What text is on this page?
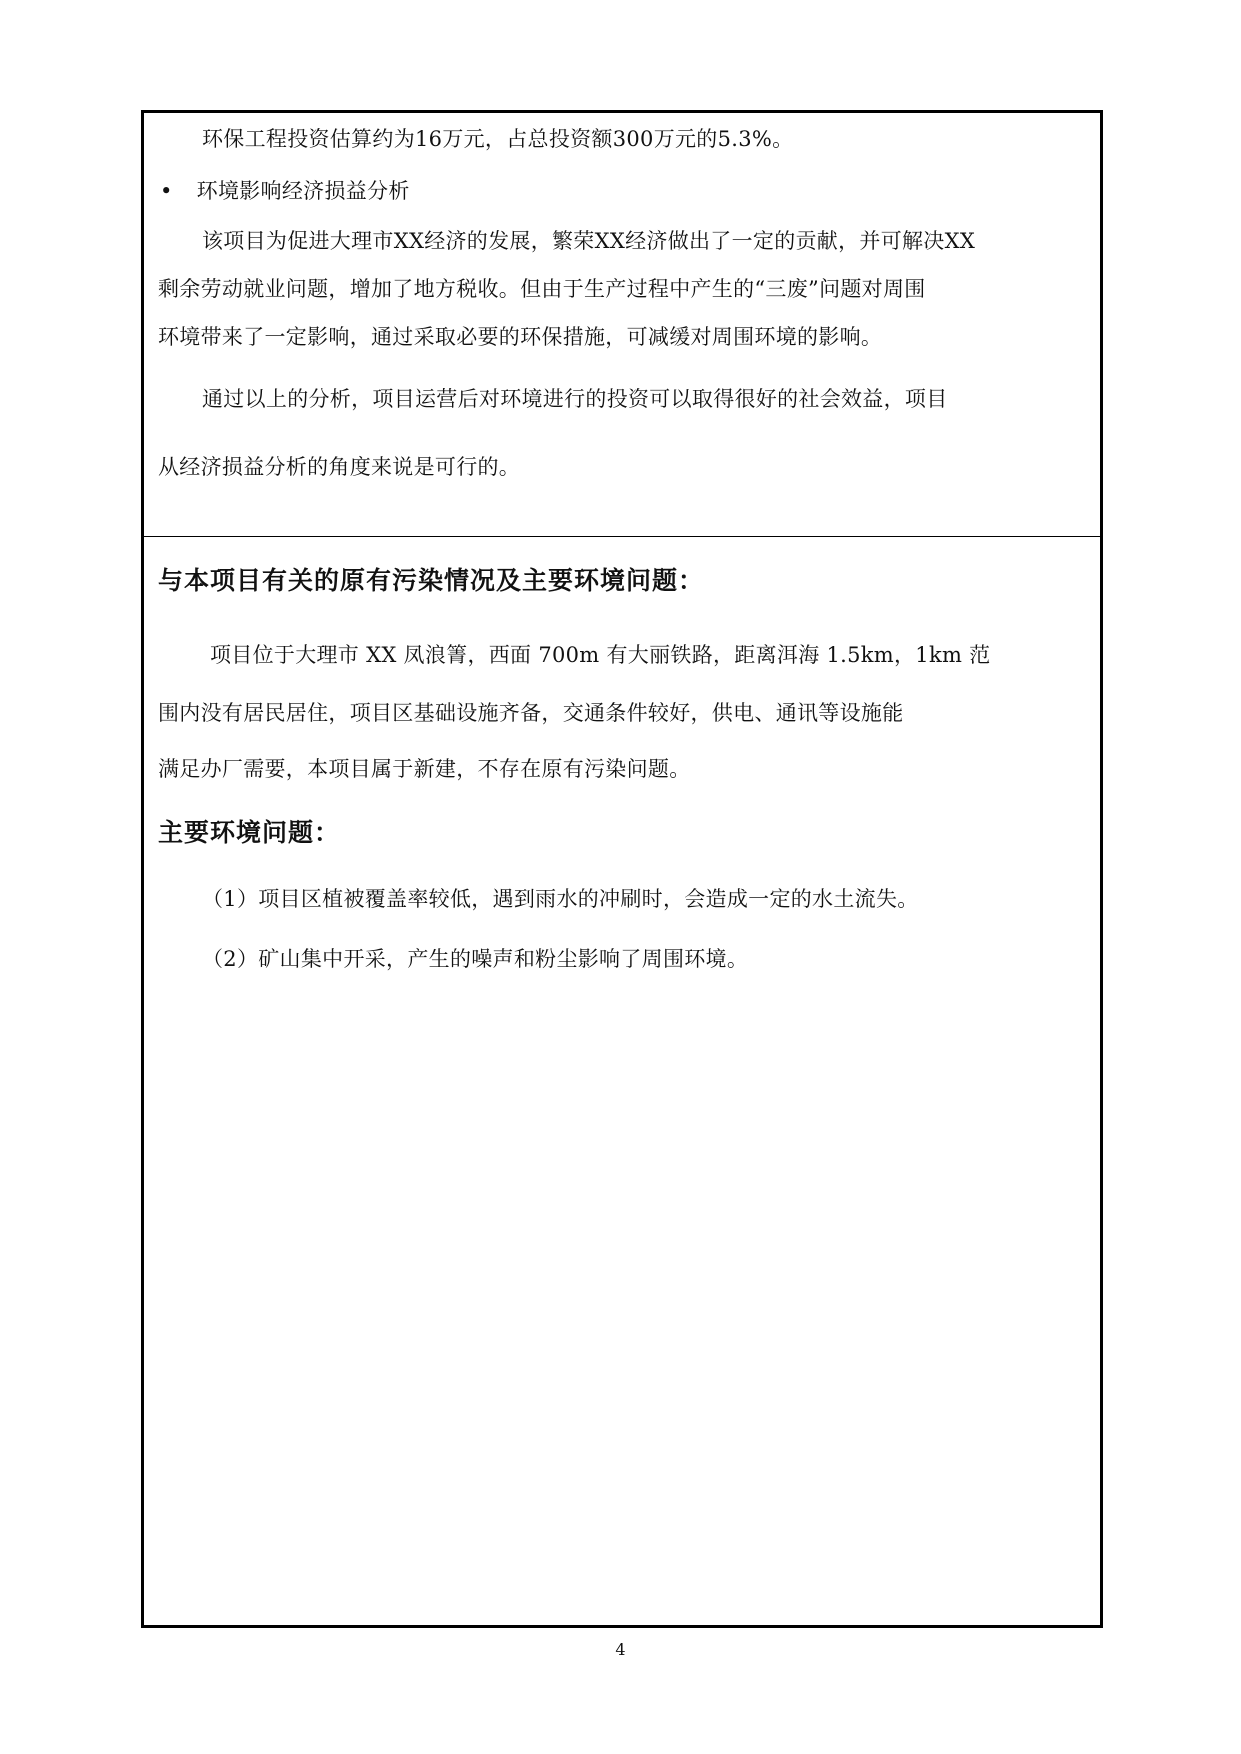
环保工程投资估算约为16万元，占总投资额300万元的5.3%。

• 环境影响经济损益分析

该项目为促进大理市XX经济的发展，繁荣XX经济做出了一定的贡献，并可解决XX

剩余劳动就业问题，增加了地方税收。但由于生产过程中产生的“三废”问题对周围

环境带来了一定影响，通过采取必要的环保措施，可减缓对周围环境的影响。

通过以上的分析，项目运营后对环境进行的投资可以取得很好的社会效益，项目

从经济损益分析的角度来说是可行的。

与本项目有关的原有污染情况及主要环境问题：

项目位于大理市 XX 凤浪箐，西面 700m 有大丽铁路，距离洱海 1.5km，1km 范

围内没有居民居住，项目区基础设施齐备，交通条件较好，供电、通讯等设施能

满足办厂需要，本项目属于新建，不存在原有污染问题。

主要环境问题：

（1）项目区植被覆盖率较低，遇到雨水的冲刷时，会造成一定的水土流失。

（2）矿山集中开采，产生的噪声和粉尘影响了周围环境。

4
